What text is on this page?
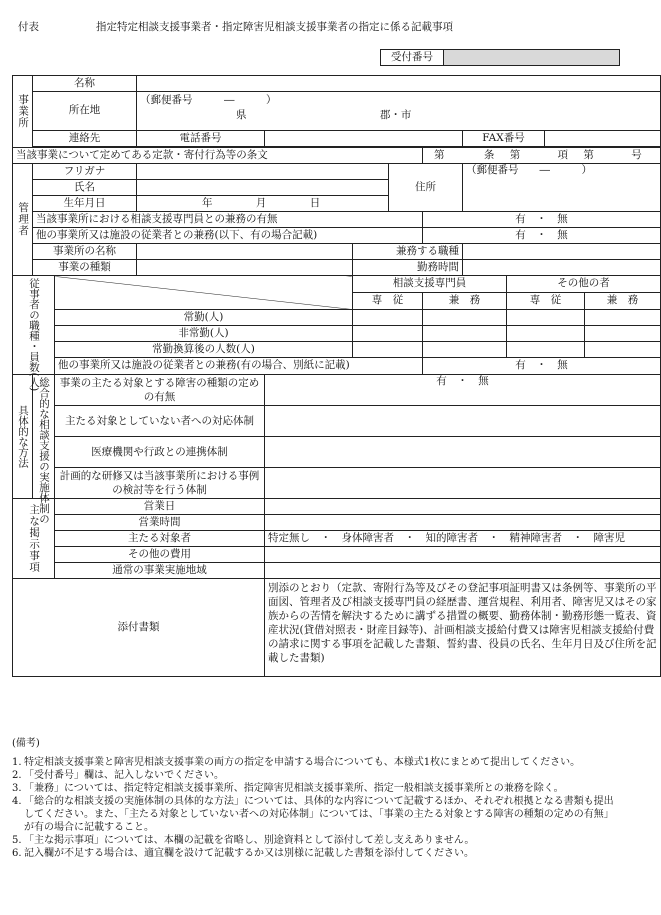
付表	指定特定相談支援事業者・指定障害児相談支援事業者の指定に係る記載事項
受付番号
事業所	名称										
	所在地		（郵便番号　　　―　　　）								
			県 郡・市								
	連絡先		電話番号					FAX番号			

当該事業について定めてある定款・寄付行為等の条文							第 条 第 項 第 号				
管理者	フリガナ					住所		（郵便番号　　―　　　）			
	氏名										
	生年月日		年 月 日								
	当該事業所における相談支援専門員との兼務の有無						有　・　無				
	他の事業所又は施設の従業者との兼務(以下、有の場合記載)						有　・　無				
	事業所の名称				兼務する職種						
	事業の種類				勤務時間						
従事者の職種・員数(人)					相談支援専門員				その他の者		
					専　従		兼　務		専　従		兼　務
		常勤(人)									
		非常勤(人)									
		常勤換算後の人数(人)									
		他の事業所又は施設の従業者との兼務(有の場合、別紙に記載)					有　・　無				
具体的な方法	総合的な相談支援の実施体制の	事業の主たる対象とする障害の種類の定めの有無		有　・　無							
		主たる対象としていない者への対応体制									
		医療機関や行政との連携体制									
		計画的な研修又は当該事業所における事例の検討等を行う体制									
主な掲示事項		営業日									
		営業時間									
		主たる対象者		特定無し　・　身体障害者　・　知的障害者　・　精神障害者　・　障害児							
		その他の費用									
		通常の事業実施地域									
添付書類				別添のとおり（定款、寄附行為等及びその登記事項証明書又は条例等、事業所の平面図、管理者及び相談支援専門員の経歴書、運営規程、利用者、障害児又はその家族からの苦情を解決するために講ずる措置の概要、勤務体制・勤務形態一覧表、資産状況(貸借対照表・財産目録等)、計画相談支援給付費又は障害児相談支援給付費の請求に関する事項を記載した書類、誓約書、役員の氏名、生年月日及び住所を記載した書類)							
(備考)
1. 特定相談支援事業と障害児相談支援事業の両方の指定を申請する場合についても、本様式1枚にまとめて提出してください。
2. 「受付番号」欄は、記入しないでください。
3. 「兼務」については、指定特定相談支援事業所、指定障害児相談支援事業所、指定一般相談支援事業所との兼務を除く。
4. 「総合的な相談支援の実施体制の具体的な方法」については、具体的な内容について記載するほか、それぞれ根拠となる書類も提出してください。また、「主たる対象としていない者への対応体制」については、「事業の主たる対象とする障害の種類の定めの有無」が有の場合に記載すること。
5. 「主な掲示事項」については、本欄の記載を省略し、別途資料として添付して差し支えありません。
6. 記入欄が不足する場合は、適宜欄を設けて記載するか又は別様に記載した書類を添付してください。
